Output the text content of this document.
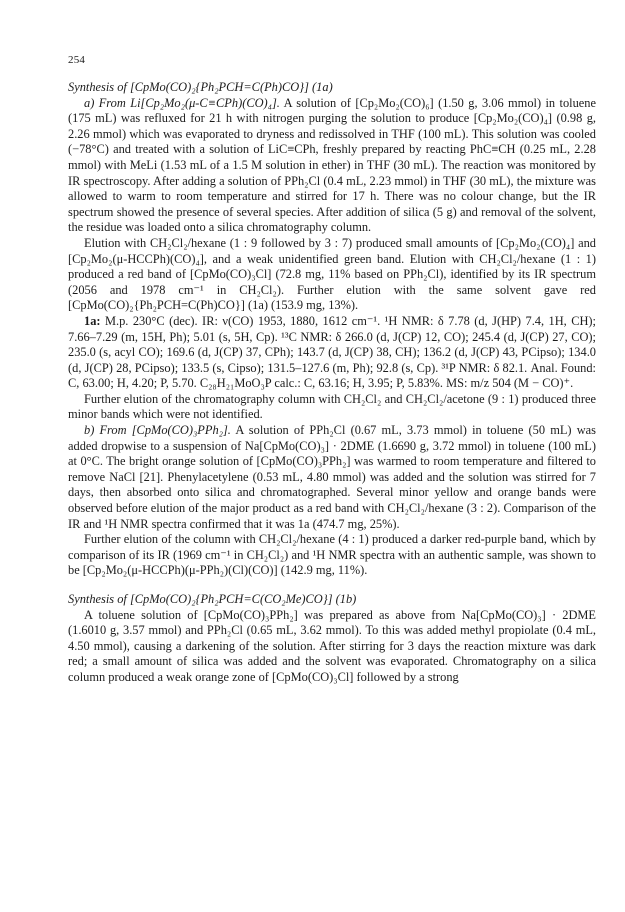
254
Synthesis of [CpMo(CO)₂{Ph₂PCH=C(Ph)CO}] (1a)

a) From Li[Cp₂Mo₂(μ-C≡CPh)(CO)₄]. A solution of [Cp₂Mo₂(CO)₆] (1.50 g, 3.06 mmol) in toluene (175 mL) was refluxed for 21 h with nitrogen purging the solution to produce [Cp₂Mo₂(CO)₄] (0.98 g, 2.26 mmol) which was evaporated to dryness and redissolved in THF (100 mL). This solution was cooled (−78°C) and treated with a solution of LiC≡CPh, freshly prepared by reacting PhC≡CH (0.25 mL, 2.28 mmol) with MeLi (1.53 mL of a 1.5 M solution in ether) in THF (30 mL). The reaction was monitored by IR spectroscopy. After adding a solution of PPh₂Cl (0.4 mL, 2.23 mmol) in THF (30 mL), the mixture was allowed to warm to room temperature and stirred for 17 h. There was no colour change, but the IR spectrum showed the presence of several species. After addition of silica (5 g) and removal of the solvent, the residue was loaded onto a silica chromatography column.

Elution with CH₂Cl₂/hexane (1 : 9 followed by 3 : 7) produced small amounts of [Cp₂Mo₂(CO)₄] and [Cp₂Mo₂(μ-HCCPh)(CO)₄], and a weak unidentified green band. Elution with CH₂Cl₂/hexane (1 : 1) produced a red band of [CpMo(CO)₃Cl] (72.8 mg, 11% based on PPh₂Cl), identified by its IR spectrum (2056 and 1978 cm⁻¹ in CH₂Cl₂). Further elution with the same solvent gave red [CpMo(CO)₂{Ph₂PCH=C(Ph)CO}] (1a) (153.9 mg, 13%).

1a: M.p. 230°C (dec). IR: ν(CO) 1953, 1880, 1612 cm⁻¹. ¹H NMR: δ 7.78 (d, J(HP) 7.4, 1H, CH); 7.66–7.29 (m, 15H, Ph); 5.01 (s, 5H, Cp). ¹³C NMR: δ 266.0 (d, J(CP) 12, CO); 245.4 (d, J(CP) 27, CO); 235.0 (s, acyl CO); 169.6 (d, J(CP) 37, CPh); 143.7 (d, J(CP) 38, CH); 136.2 (d, J(CP) 43, PCipso); 134.0 (d, J(CP) 28, PCipso); 133.5 (s, Cipso); 131.5–127.6 (m, Ph); 92.8 (s, Cp). ³¹P NMR: δ 82.1. Anal. Found: C, 63.00; H, 4.20; P, 5.70. C₂₈H₂₁MoO₃P calc.: C, 63.16; H, 3.95; P, 5.83%. MS: m/z 504 (M − CO)⁺.

Further elution of the chromatography column with CH₂Cl₂ and CH₂Cl₂/acetone (9 : 1) produced three minor bands which were not identified.

b) From [CpMo(CO)₃PPh₂]. A solution of PPh₂Cl (0.67 mL, 3.73 mmol) in toluene (50 mL) was added dropwise to a suspension of Na[CpMo(CO)₃] · 2DME (1.6690 g, 3.72 mmol) in toluene (100 mL) at 0°C. The bright orange solution of [CpMo(CO)₃PPh₂] was warmed to room temperature and filtered to remove NaCl [21]. Phenylacetylene (0.53 mL, 4.80 mmol) was added and the solution was stirred for 7 days, then absorbed onto silica and chromatographed. Several minor yellow and orange bands were observed before elution of the major product as a red band with CH₂Cl₂/hexane (3 : 2). Comparison of the IR and ¹H NMR spectra confirmed that it was 1a (474.7 mg, 25%).

Further elution of the column with CH₂Cl₂/hexane (4 : 1) produced a darker red-purple band, which by comparison of its IR (1969 cm⁻¹ in CH₂Cl₂) and ¹H NMR spectra with an authentic sample, was shown to be [Cp₂Mo₂(μ-HCCPh)(μ-PPh₂)(Cl)(CO)] (142.9 mg, 11%).

Synthesis of [CpMo(CO)₂{Ph₂PCH=C(CO₂Me)CO}] (1b)

A toluene solution of [CpMo(CO)₃PPh₂] was prepared as above from Na[CpMo(CO)₃] · 2DME (1.6010 g, 3.57 mmol) and PPh₂Cl (0.65 mL, 3.62 mmol). To this was added methyl propiolate (0.4 mL, 4.50 mmol), causing a darkening of the solution. After stirring for 3 days the reaction mixture was dark red; a small amount of silica was added and the solvent was evaporated. Chromatography on a silica column produced a weak orange zone of [CpMo(CO)₃Cl] followed by a strong
